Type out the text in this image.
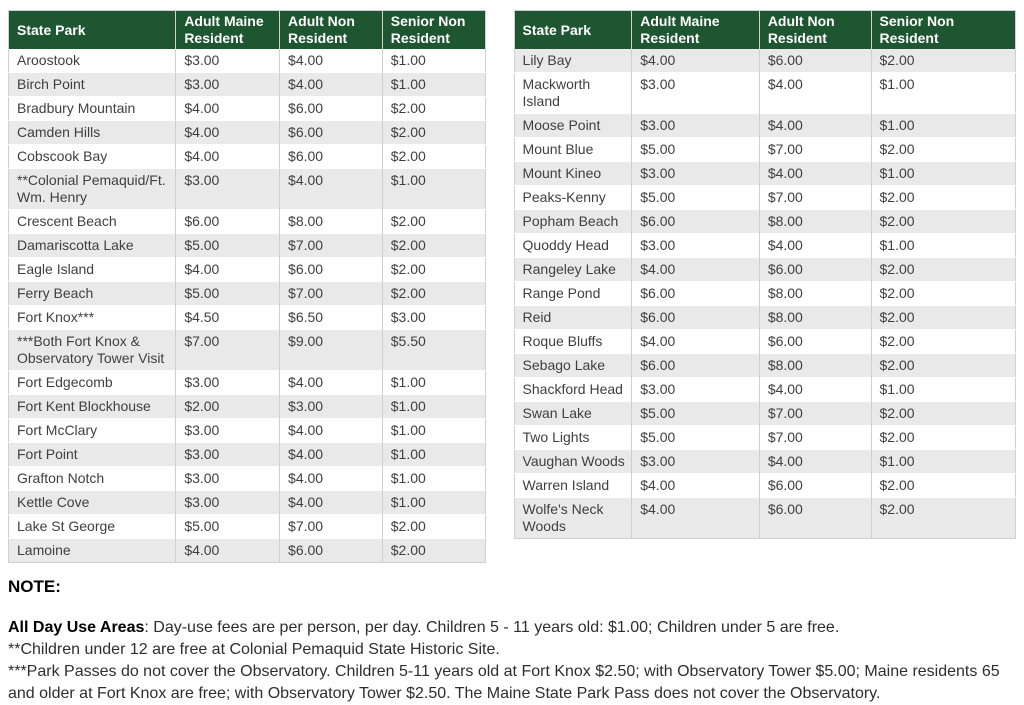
State Park	Adult Maine Resident	Adult Non Resident	Senior Non Resident
Aroostook	$3.00	$4.00	$1.00
Birch Point	$3.00	$4.00	$1.00
Bradbury Mountain	$4.00	$6.00	$2.00
Camden Hills	$4.00	$6.00	$2.00
Cobscook Bay	$4.00	$6.00	$2.00
**Colonial Pemaquid/Ft. Wm. Henry	$3.00	$4.00	$1.00
Crescent Beach	$6.00	$8.00	$2.00
Damariscotta Lake	$5.00	$7.00	$2.00
Eagle Island	$4.00	$6.00	$2.00
Ferry Beach	$5.00	$7.00	$2.00
Fort Knox***	$4.50	$6.50	$3.00
***Both Fort Knox & Observatory Tower Visit	$7.00	$9.00	$5.50
Fort Edgecomb	$3.00	$4.00	$1.00
Fort Kent Blockhouse	$2.00	$3.00	$1.00
Fort McClary	$3.00	$4.00	$1.00
Fort Point	$3.00	$4.00	$1.00
Grafton Notch	$3.00	$4.00	$1.00
Kettle Cove	$3.00	$4.00	$1.00
Lake St George	$5.00	$7.00	$2.00
Lamoine	$4.00	$6.00	$2.00
State Park	Adult Maine Resident	Adult Non Resident	Senior Non Resident
Lily Bay	$4.00	$6.00	$2.00
Mackworth Island	$3.00	$4.00	$1.00
Moose Point	$3.00	$4.00	$1.00
Mount Blue	$5.00	$7.00	$2.00
Mount Kineo	$3.00	$4.00	$1.00
Peaks-Kenny	$5.00	$7.00	$2.00
Popham Beach	$6.00	$8.00	$2.00
Quoddy Head	$3.00	$4.00	$1.00
Rangeley Lake	$4.00	$6.00	$2.00
Range Pond	$6.00	$8.00	$2.00
Reid	$6.00	$8.00	$2.00
Roque Bluffs	$4.00	$6.00	$2.00
Sebago Lake	$6.00	$8.00	$2.00
Shackford Head	$3.00	$4.00	$1.00
Swan Lake	$5.00	$7.00	$2.00
Two Lights	$5.00	$7.00	$2.00
Vaughan Woods	$3.00	$4.00	$1.00
Warren Island	$4.00	$6.00	$2.00
Wolfe's Neck Woods	$4.00	$6.00	$2.00
NOTE:

All Day Use Areas: Day-use fees are per person, per day. Children 5 - 11 years old: $1.00; Children under 5 are free.
**Children under 12 are free at Colonial Pemaquid State Historic Site.
***Park Passes do not cover the Observatory. Children 5-11 years old at Fort Knox $2.50; with Observatory Tower $5.00; Maine residents 65 and older at Fort Knox are free; with Observatory Tower $2.50. The Maine State Park Pass does not cover the Observatory.
